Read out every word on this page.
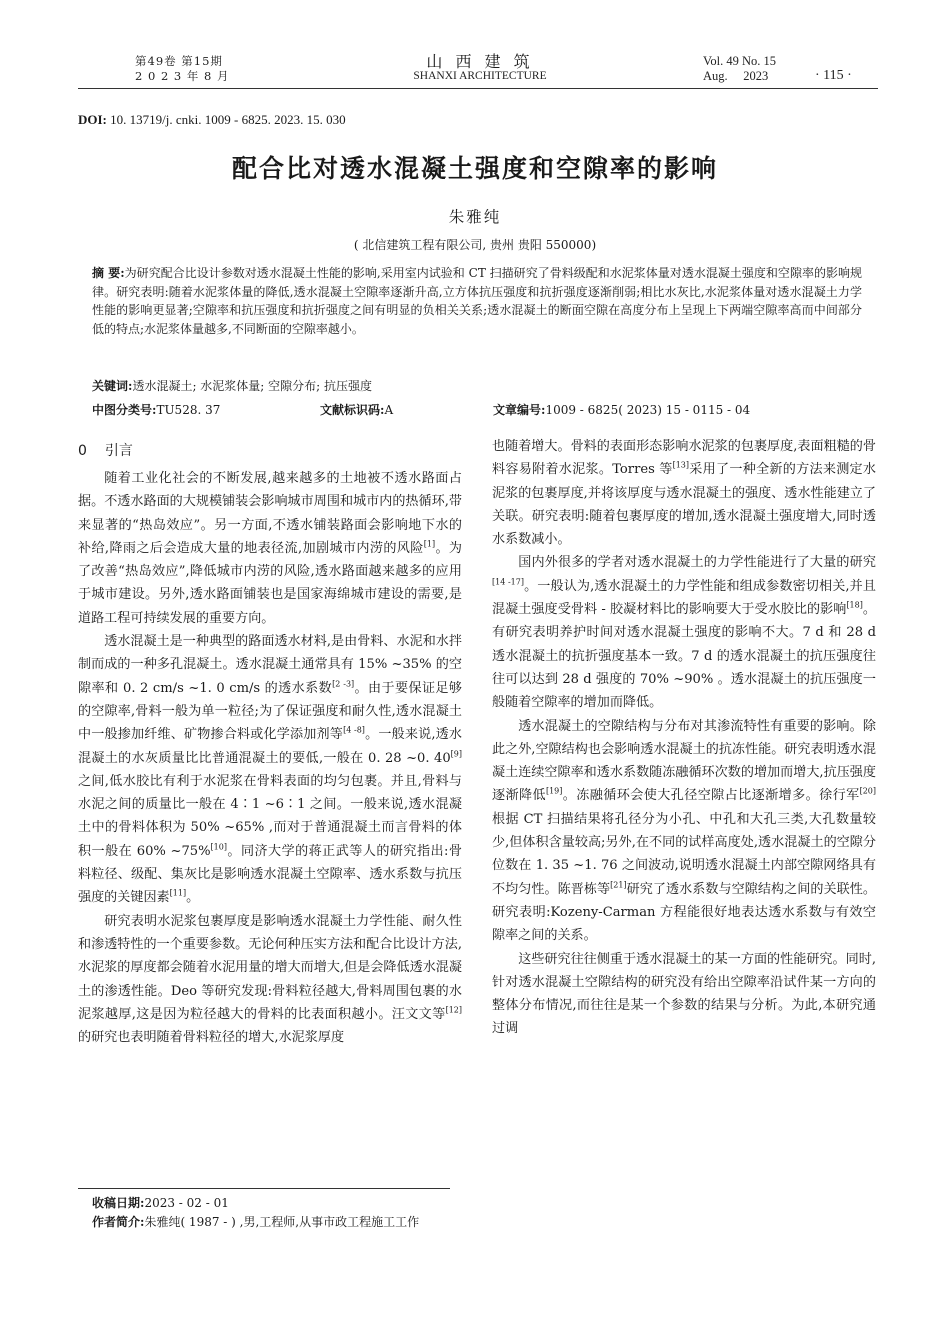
第49卷 第15期
2 0 2 3 年 8 月
山 西 建 筑
SHANXI ARCHITECTURE
Vol. 49 No. 15
Aug.     2023	· 115 ·
DOI: 10. 13719/j. cnki. 1009 - 6825. 2023. 15. 030
配合比对透水混凝土强度和空隙率的影响
朱雅纯
( 北信建筑工程有限公司, 贵州 贵阳 550000)
摘 要:为研究配合比设计参数对透水混凝土性能的影响,采用室内试验和 CT 扫描研究了骨料级配和水泥浆体量对透水混凝土强度和空隙率的影响规律。研究表明:随着水泥浆体量的降低,透水混凝土空隙率逐渐升高,立方体抗压强度和抗折强度逐渐削弱;相比水灰比,水泥浆体量对透水混凝土力学性能的影响更显著;空隙率和抗压强度和抗折强度之间有明显的负相关关系;透水混凝土的断面空隙在高度分布上呈现上下两端空隙率高而中间部分低的特点;水泥浆体量越多,不同断面的空隙率越小。
关键词:透水混凝土; 水泥浆体量; 空隙分布; 抗压强度
中图分类号:TU528. 37	文献标识码:A	文章编号:1009 - 6825( 2023) 15 - 0115 - 04
0 引言

随着工业化社会的不断发展,越来越多的土地被不透水路面占据。不透水路面的大规模铺装会影响城市周围和城市内的热循环,带来显著的“热岛效应”。另一方面,不透水铺装路面会影响地下水的补给,降雨之后会造成大量的地表径流,加剧城市内涝的风险[1]。为了改善“热岛效应”,降低城市内涝的风险,透水路面越来越多的应用于城市建设。另外,透水路面铺装也是国家海绵城市建设的需要,是道路工程可持续发展的重要方向。

透水混凝土是一种典型的路面透水材料,是由骨料、水泥和水拌制而成的一种多孔混凝土。透水混凝土通常具有 15% ~35% 的空隙率和 0. 2 cm/s ~1. 0 cm/s 的透水系数[2 -3]。由于要保证足够的空隙率,骨料一般为单一粒径;为了保证强度和耐久性,透水混凝土中一般掺加纤维、矿物掺合料或化学添加剂等[4 -8]。一般来说,透水混凝土的水灰质量比比普通混凝土的要低,一般在 0. 28 ~0. 40[9]之间,低水胶比有利于水泥浆在骨料表面的均匀包裹。并且,骨料与水泥之间的质量比一般在 4∶1 ~6∶1 之间。一般来说,透水混凝土中的骨料体积为 50% ~65% ,而对于普通混凝土而言骨料的体积一般在 60% ~75%[10]。同济大学的蒋正武等人的研究指出:骨料粒径、级配、集灰比是影响透水混凝土空隙率、透水系数与抗压强度的关键因素[11]。

研究表明水泥浆包裹厚度是影响透水混凝土力学性能、耐久性和渗透特性的一个重要参数。无论何种压实方法和配合比设计方法,水泥浆的厚度都会随着水泥用量的增大而增大,但是会降低透水混凝土的渗透性能。Deo 等研究发现:骨料粒径越大,骨料周围包裹的水泥浆越厚,这是因为粒径越大的骨料的比表面积越小。汪文文等[12]的研究也表明随着骨料粒径的增大,水泥浆厚度

也随着增大。骨料的表面形态影响水泥浆的包裹厚度,表面粗糙的骨料容易附着水泥浆。Torres 等[13]采用了一种全新的方法来测定水泥浆的包裹厚度,并将该厚度与透水混凝土的强度、透水性能建立了关联。研究表明:随着包裹厚度的增加,透水混凝土强度增大,同时透水系数减小。

国内外很多的学者对透水混凝土的力学性能进行了大量的研究[14 -17]。一般认为,透水混凝土的力学性能和组成参数密切相关,并且混凝土强度受骨料 - 胶凝材料比的影响要大于受水胶比的影响[18]。有研究表明养护时间对透水混凝土强度的影响不大。7 d 和 28 d 透水混凝土的抗折强度基本一致。7 d 的透水混凝土的抗压强度往往可以达到 28 d 强度的 70% ~90% 。透水混凝土的抗压强度一般随着空隙率的增加而降低。

透水混凝土的空隙结构与分布对其渗流特性有重要的影响。除此之外,空隙结构也会影响透水混凝土的抗冻性能。研究表明透水混凝土连续空隙率和透水系数随冻融循环次数的增加而增大,抗压强度逐渐降低[19]。冻融循环会使大孔径空隙占比逐渐增多。徐行军[20]根据 CT 扫描结果将孔径分为小孔、中孔和大孔三类,大孔数量较少,但体积含量较高;另外,在不同的试样高度处,透水混凝土的空隙分位数在 1. 35 ~1. 76 之间波动,说明透水混凝土内部空隙网络具有不均匀性。陈晋栋等[21]研究了透水系数与空隙结构之间的关联性。研究表明:Kozeny-Carman 方程能很好地表达透水系数与有效空隙率之间的关系。

这些研究往往侧重于透水混凝土的某一方面的性能研究。同时,针对透水混凝土空隙结构的研究没有给出空隙率沿试件某一方向的整体分布情况,而往往是某一个参数的结果与分析。为此,本研究通过调

收稿日期:2023 - 02 - 01
作者简介:朱雅纯( 1987 - ) ,男,工程师,从事市政工程施工工作
